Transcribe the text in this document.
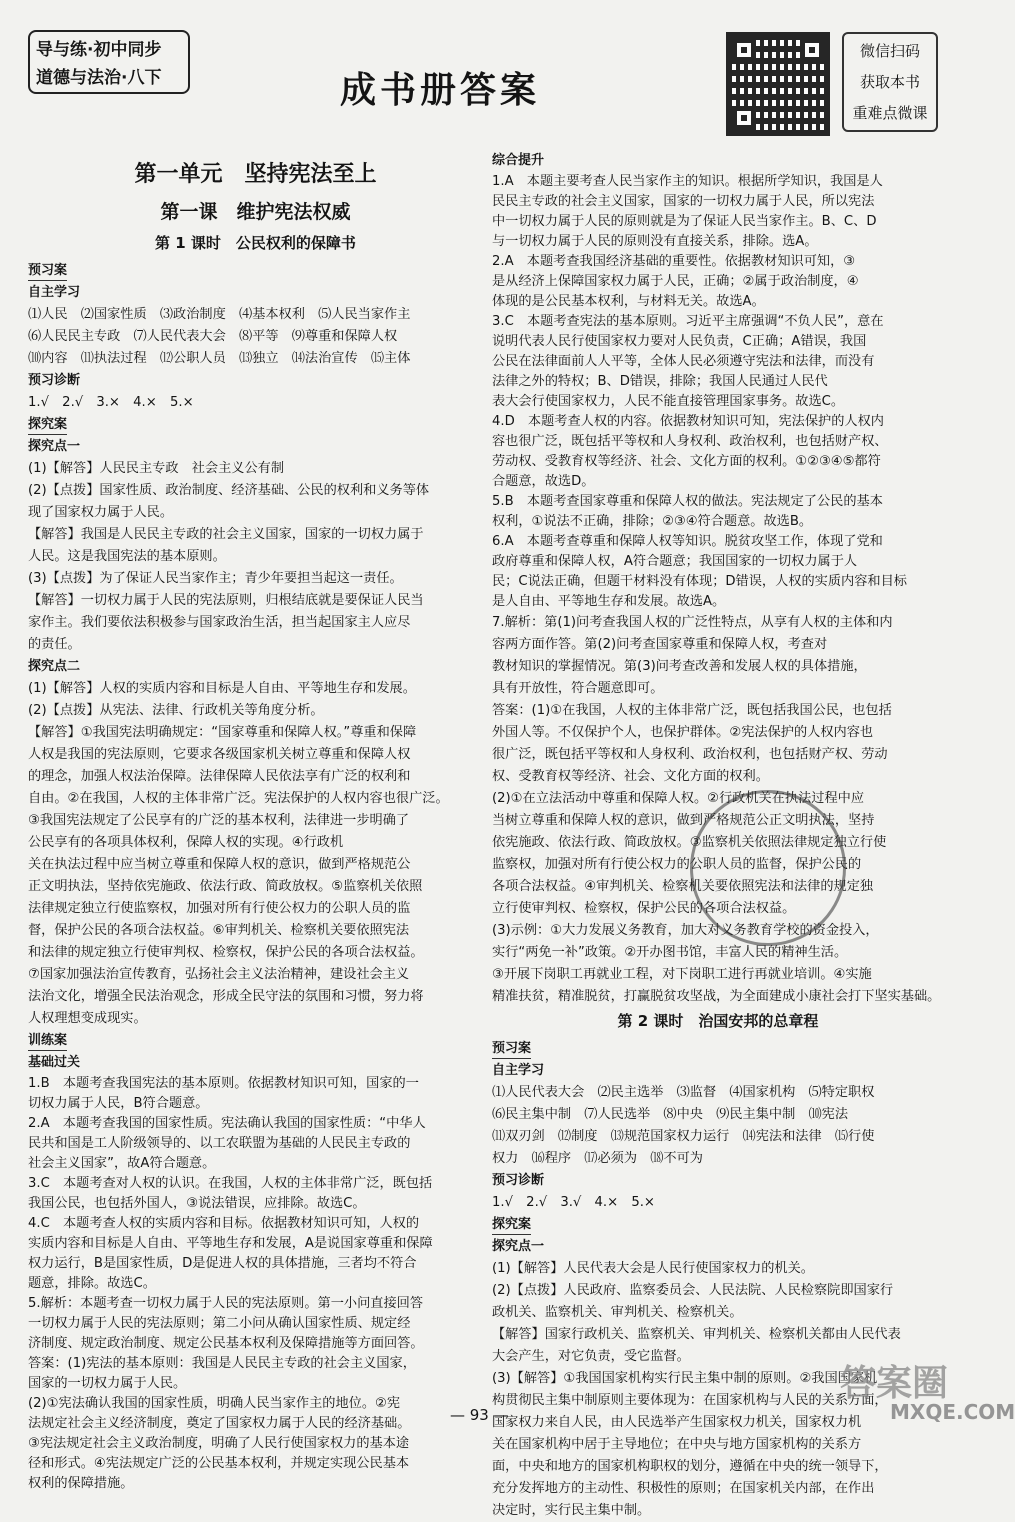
导与练·初中同步
道德与法治·八下	成书册答案
微信扫码
获取本书
重难点微课
第一单元　坚持宪法至上
第一课　维护宪法权威
第 1 课时　公民权利的保障书
预习案
自主学习
⑴人民　⑵国家性质　⑶政治制度　⑷基本权利　⑸人民当家作主
⑹人民民主专政　⑺人民代表大会　⑻平等　⑼尊重和保障人权
⑽内容　⑾执法过程　⑿公职人员　⒀独立　⒁法治宣传　⒂主体
预习诊断
1.√　2.√　3.×　4.×　5.×
探究案
探究点一
(1)【解答】人民民主专政　社会主义公有制
(2)【点拨】国家性质、政治制度、经济基础、公民的权利和义务等体
现了国家权力属于人民。
【解答】我国是人民民主专政的社会主义国家，国家的一切权力属于
人民。这是我国宪法的基本原则。
(3)【点拨】为了保证人民当家作主；青少年要担当起这一责任。
【解答】一切权力属于人民的宪法原则，归根结底就是要保证人民当
家作主。我们要依法积极参与国家政治生活，担当起国家主人应尽
的责任。
探究点二
(1)【解答】人权的实质内容和目标是人自由、平等地生存和发展。
(2)【点拨】从宪法、法律、行政机关等角度分析。
【解答】①我国宪法明确规定：“国家尊重和保障人权。”尊重和保障
人权是我国的宪法原则，它要求各级国家机关树立尊重和保障人权
的理念，加强人权法治保障。法律保障人民依法享有广泛的权利和
自由。②在我国，人权的主体非常广泛。宪法保护的人权内容也很广泛。
③我国宪法规定了公民享有的广泛的基本权利，法律进一步明确了
公民享有的各项具体权利，保障人权的实现。④行政机
关在执法过程中应当树立尊重和保障人权的意识，做到严格规范公
正文明执法，坚持依宪施政、依法行政、简政放权。⑤监察机关依照
法律规定独立行使监察权，加强对所有行使公权力的公职人员的监
督，保护公民的各项合法权益。⑥审判机关、检察机关要依照宪法
和法律的规定独立行使审判权、检察权，保护公民的各项合法权益。
⑦国家加强法治宣传教育，弘扬社会主义法治精神，建设社会主义
法治文化，增强全民法治观念，形成全民守法的氛围和习惯，努力将
人权理想变成现实。
训练案
基础过关
1.B　本题考查我国宪法的基本原则。依据教材知识可知，国家的一
切权力属于人民，B符合题意。
2.A　本题考查我国的国家性质。宪法确认我国的国家性质：“中华人
民共和国是工人阶级领导的、以工农联盟为基础的人民民主专政的
社会主义国家”，故A符合题意。
3.C　本题考查对人权的认识。在我国，人权的主体非常广泛，既包括
我国公民，也包括外国人，③说法错误，应排除。故选C。
4.C　本题考查人权的实质内容和目标。依据教材知识可知，人权的
实质内容和目标是人自由、平等地生存和发展，A是说国家尊重和保障
权力运行，B是国家性质，D是促进人权的具体措施，三者均不符合
题意，排除。故选C。
5.解析：本题考查一切权力属于人民的宪法原则。第一小问直接回答
一切权力属于人民的宪法原则；第二小问从确认国家性质、规定经
济制度、规定政治制度、规定公民基本权利及保障措施等方面回答。
答案：(1)宪法的基本原则：我国是人民民主专政的社会主义国家，
国家的一切权力属于人民。
(2)①宪法确认我国的国家性质，明确人民当家作主的地位。②宪
法规定社会主义经济制度，奠定了国家权力属于人民的经济基础。
③宪法规定社会主义政治制度，明确了人民行使国家权力的基本途
径和形式。④宪法规定广泛的公民基本权利，并规定实现公民基本
权利的保障措施。
综合提升
1.A　本题主要考查人民当家作主的知识。根据所学知识，我国是人
民民主专政的社会主义国家，国家的一切权力属于人民，所以宪法
中一切权力属于人民的原则就是为了保证人民当家作主。B、C、D
与一切权力属于人民的原则没有直接关系，排除。选A。
2.A　本题考查我国经济基础的重要性。依据教材知识可知，③
是从经济上保障国家权力属于人民，正确；②属于政治制度，④
体现的是公民基本权利，与材料无关。故选A。
3.C　本题考查宪法的基本原则。习近平主席强调“不负人民”，意在
说明代表人民行使国家权力要对人民负责，C正确；A错误，我国
公民在法律面前人人平等，全体人民必须遵守宪法和法律，而没有
法律之外的特权；B、D错误，排除；我国人民通过人民代
表大会行使国家权力，人民不能直接管理国家事务。故选C。
4.D　本题考查人权的内容。依据教材知识可知，宪法保护的人权内
容也很广泛，既包括平等权和人身权利、政治权利，也包括财产权、
劳动权、受教育权等经济、社会、文化方面的权利。①②③④⑤都符
合题意，故选D。
5.B　本题考查国家尊重和保障人权的做法。宪法规定了公民的基本
权利，①说法不正确，排除；②③④符合题意。故选B。
6.A　本题考查尊重和保障人权等知识。脱贫攻坚工作，体现了党和
政府尊重和保障人权，A符合题意；我国国家的一切权力属于人
民；C说法正确，但题干材料没有体现；D错误，人权的实质内容和目标
是人自由、平等地生存和发展。故选A。
7.解析：第(1)问考查我国人权的广泛性特点，从享有人权的主体和内
容两方面作答。第(2)问考查国家尊重和保障人权，考查对
教材知识的掌握情况。第(3)问考查改善和发展人权的具体措施，
具有开放性，符合题意即可。
答案：(1)①在我国，人权的主体非常广泛，既包括我国公民，也包括
外国人等。不仅保护个人，也保护群体。②宪法保护的人权内容也
很广泛，既包括平等权和人身权利、政治权利，也包括财产权、劳动
权、受教育权等经济、社会、文化方面的权利。
(2)①在立法活动中尊重和保障人权。②行政机关在执法过程中应
当树立尊重和保障人权的意识，做到严格规范公正文明执法，坚持
依宪施政、依法行政、简政放权。③监察机关依照法律规定独立行使
监察权，加强对所有行使公权力的公职人员的监督，保护公民的
各项合法权益。④审判机关、检察机关要依照宪法和法律的规定独
立行使审判权、检察权，保护公民的各项合法权益。
(3)示例：①大力发展义务教育，加大对义务教育学校的资金投入，
实行“两免一补”政策。②开办图书馆，丰富人民的精神生活。
③开展下岗职工再就业工程，对下岗职工进行再就业培训。④实施
精准扶贫，精准脱贫，打赢脱贫攻坚战，为全面建成小康社会打下坚实基础。
第 2 课时　治国安邦的总章程
预习案
自主学习
⑴人民代表大会　⑵民主选举　⑶监督　⑷国家机构　⑸特定职权
⑹民主集中制　⑺人民选举　⑻中央　⑼民主集中制　⑽宪法
⑾双刃剑　⑿制度　⒀规范国家权力运行　⒁宪法和法律　⒂行使
权力　⒃程序　⒄必须为　⒅不可为
预习诊断
1.√　2.√　3.√　4.×　5.×
探究案
探究点一
(1)【解答】人民代表大会是人民行使国家权力的机关。
(2)【点拨】人民政府、监察委员会、人民法院、人民检察院即国家行
政机关、监察机关、审判机关、检察机关。
【解答】国家行政机关、监察机关、审判机关、检察机关都由人民代表
大会产生，对它负责，受它监督。
(3)【解答】①我国国家机构实行民主集中制的原则。②我国国家机
构贯彻民主集中制原则主要体现为：在国家机构与人民的关系方面，
国家权力来自人民，由人民选举产生国家权力机关，国家权力机
关在国家机构中居于主导地位；在中央与地方国家机构的关系方
面，中央和地方的国家机构职权的划分，遵循在中央的统一领导下，
充分发挥地方的主动性、积极性的原则；在国家机关内部，在作出
决定时，实行民主集中制。
— 93 —
答案圈
MXQE.COM
